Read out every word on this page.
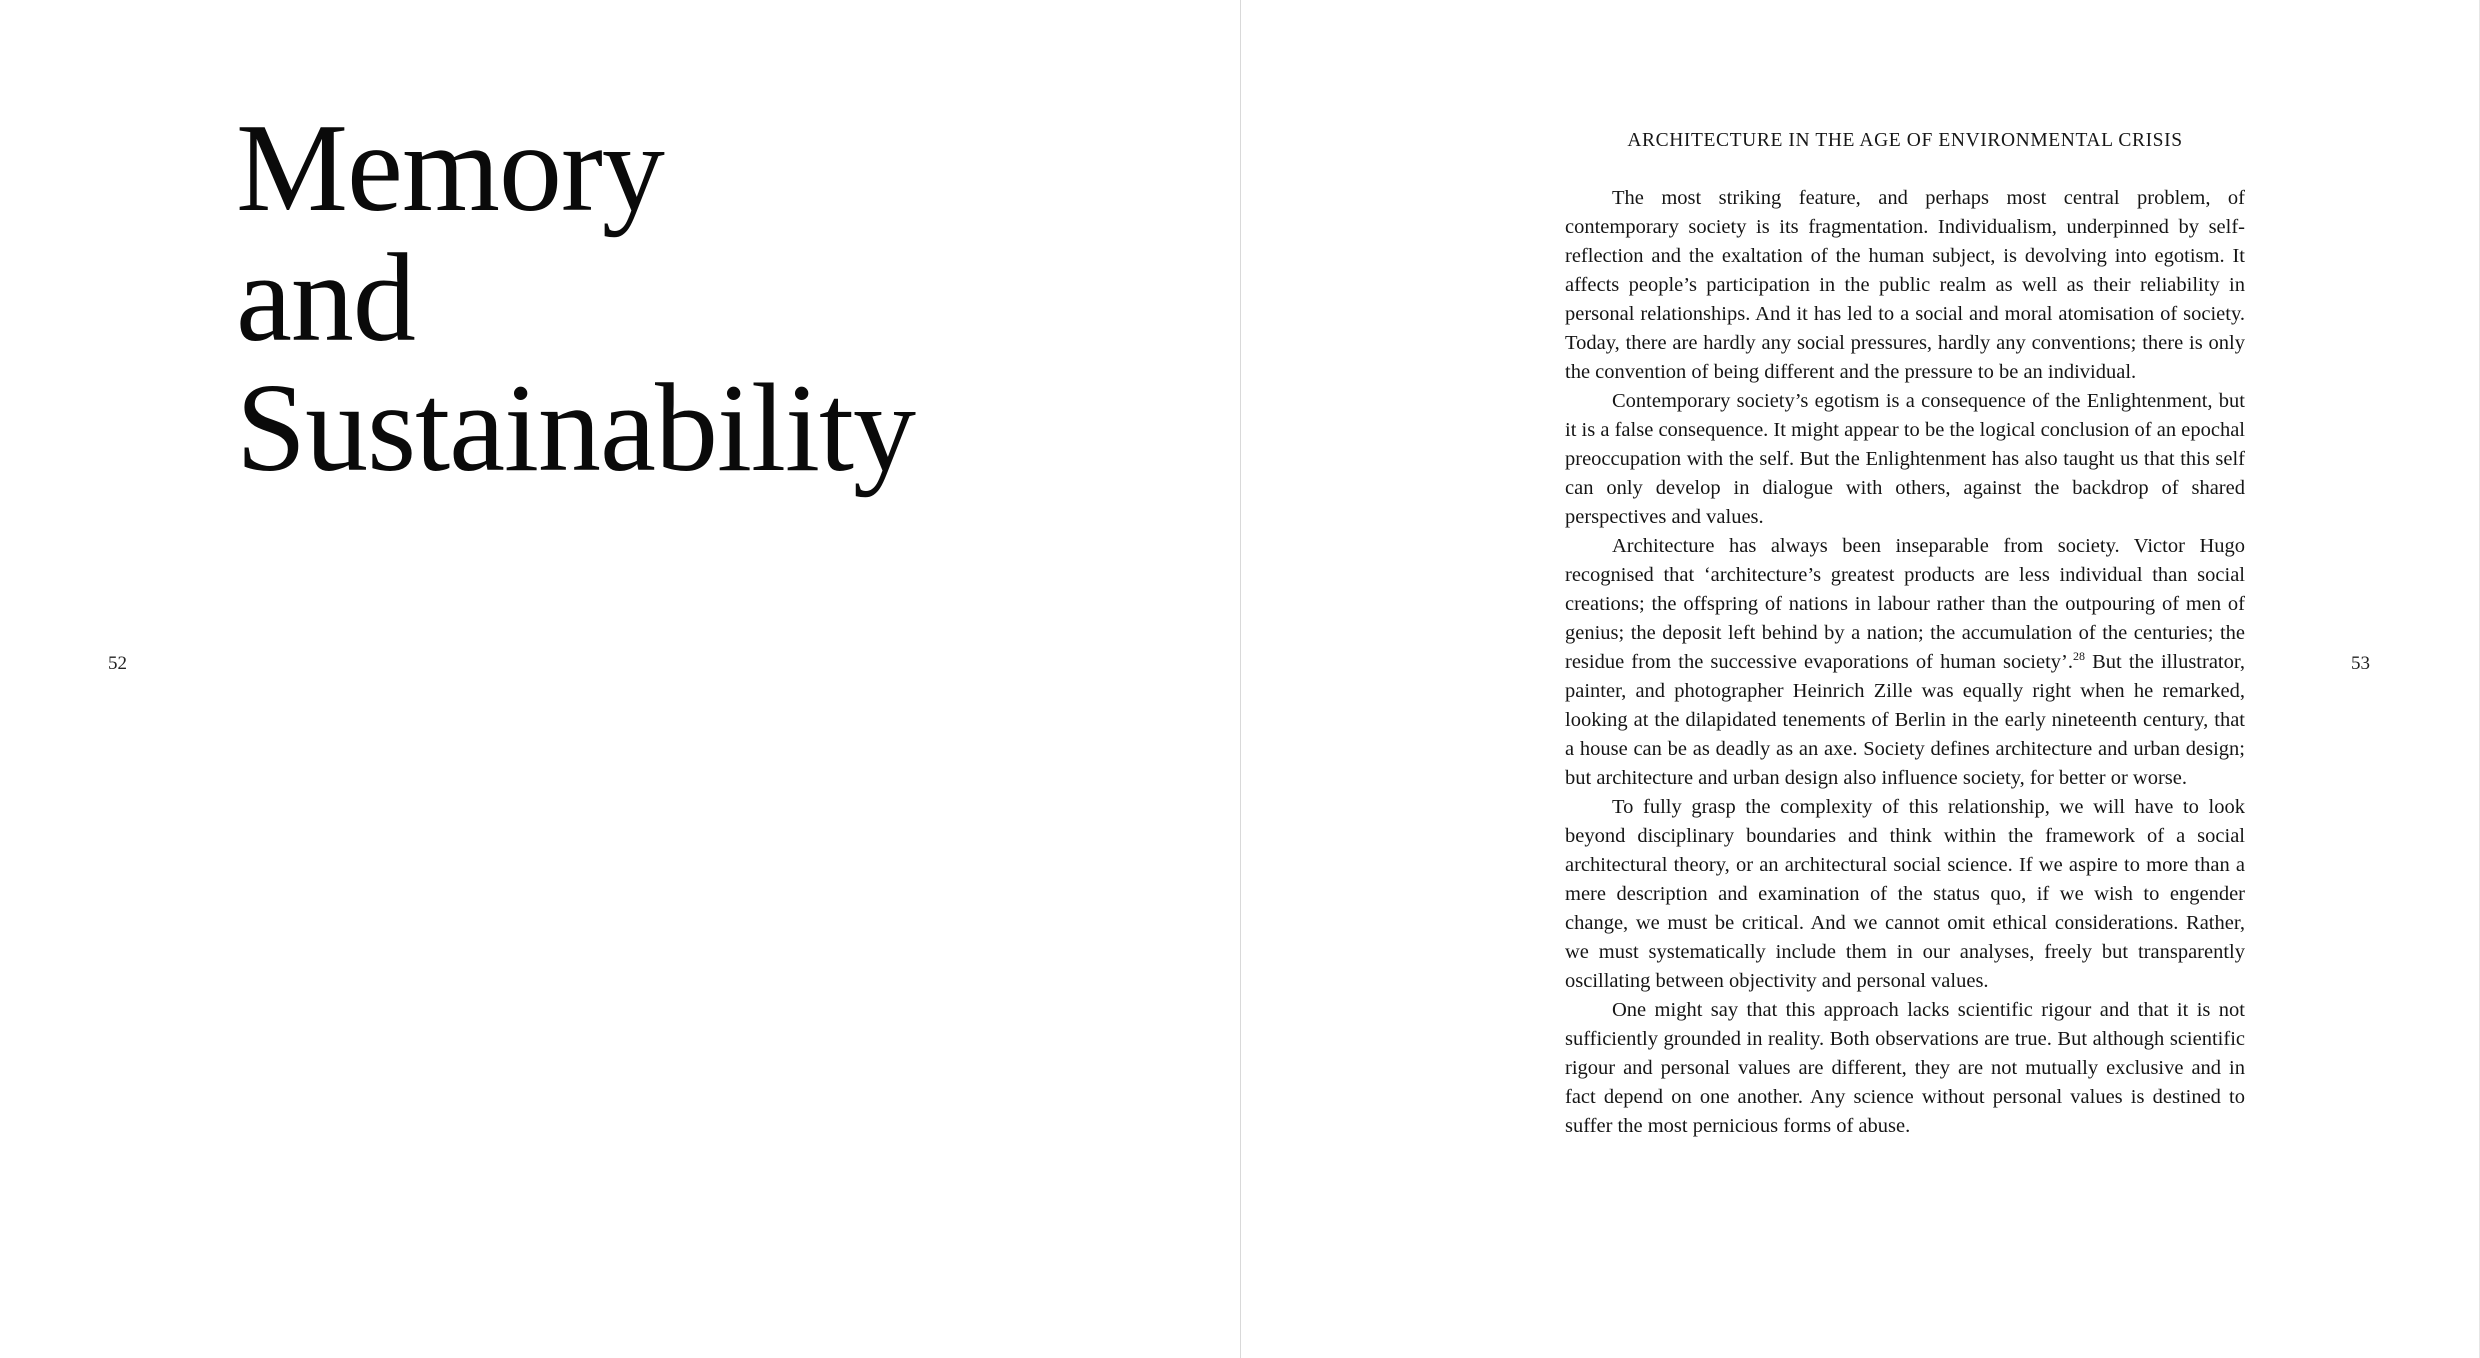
Memory
and
Sustainability
52
ARCHITECTURE IN THE AGE OF ENVIRONMENTAL CRISIS

The most striking feature, and perhaps most central problem, of contemporary society is its fragmentation. Individualism, underpinned by self-reflection and the exaltation of the human subject, is devolving into egotism. It affects people’s participation in the public realm as well as their reliability in personal relationships. And it has led to a social and moral atomisation of society. Today, there are hardly any social pressures, hardly any conventions; there is only the convention of being different and the pressure to be an individual.

Contemporary society’s egotism is a consequence of the Enlightenment, but it is a false consequence. It might appear to be the logical conclusion of an epochal preoccupation with the self. But the Enlightenment has also taught us that this self can only develop in dialogue with others, against the backdrop of shared perspectives and values.

Architecture has always been inseparable from society. Victor Hugo recognised that ‘architecture’s greatest products are less individual than social creations; the offspring of nations in labour rather than the outpouring of men of genius; the deposit left behind by a nation; the accumulation of the centuries; the residue from the successive evaporations of human society’.$^{28}$ But the illustrator, painter, and photographer Heinrich Zille was equally right when he remarked, looking at the dilapidated tenements of Berlin in the early nineteenth century, that a house can be as deadly as an axe. Society defines architecture and urban design; but architecture and urban design also influence society, for better or worse.

To fully grasp the complexity of this relationship, we will have to look beyond disciplinary boundaries and think within the framework of a social architectural theory, or an architectural social science. If we aspire to more than a mere description and examination of the status quo, if we wish to engender change, we must be critical. And we cannot omit ethical considerations. Rather, we must systematically include them in our analyses, freely but transparently oscillating between objectivity and personal values.

One might say that this approach lacks scientific rigour and that it is not sufficiently grounded in reality. Both observations are true. But although scientific rigour and personal values are different, they are not mutually exclusive and in fact depend on one another. Any science without personal values is destined to suffer the most pernicious forms of abuse.

53
